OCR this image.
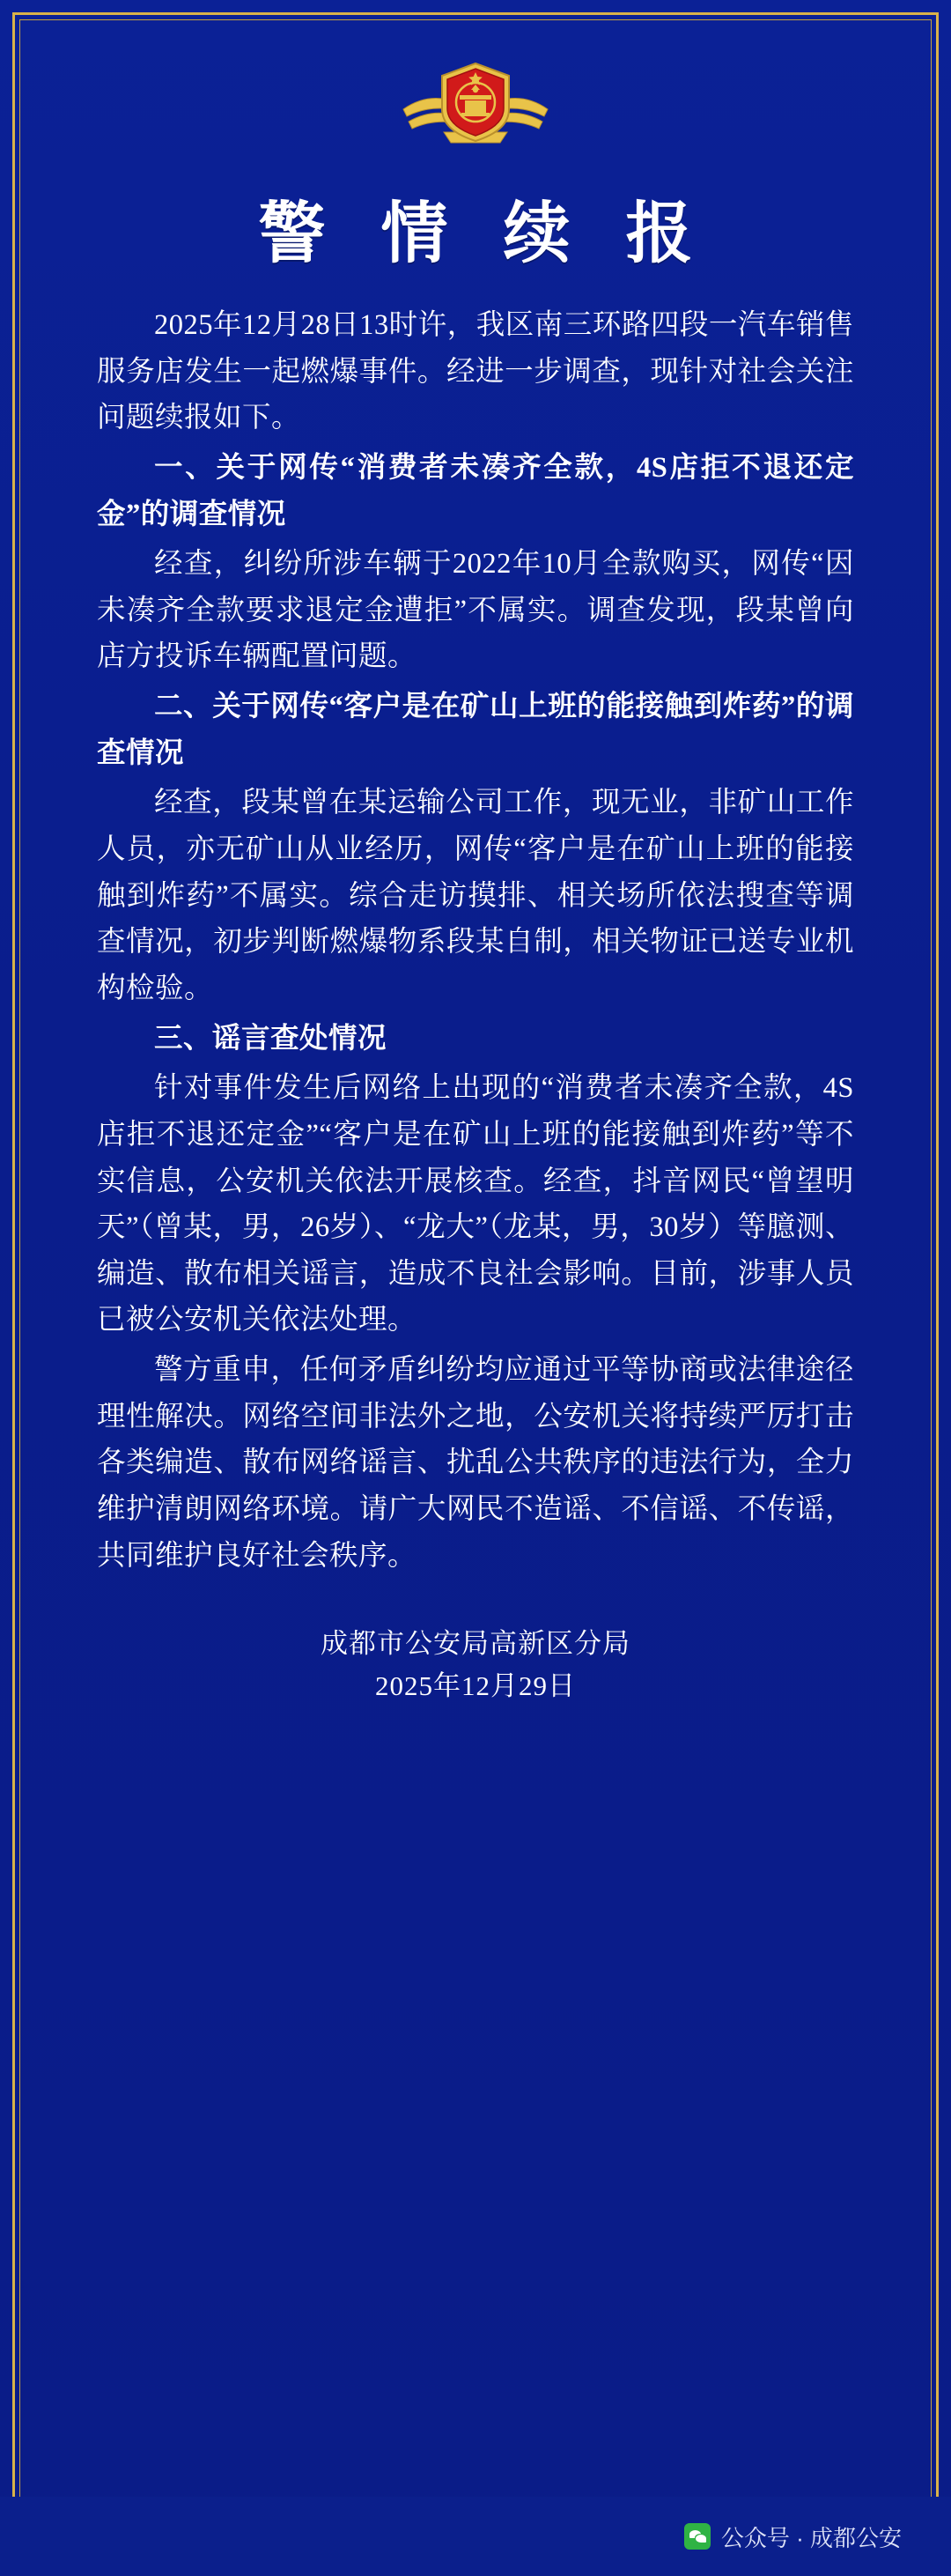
警 情 续 报

2025年12月28日13时许，我区南三环路四段一汽车销售服务店发生一起燃爆事件。经进一步调查，现针对社会关注问题续报如下。

一、关于网传“消费者未凑齐全款，4S店拒不退还定金”的调查情况

经查，纠纷所涉车辆于2022年10月全款购买，网传“因未凑齐全款要求退定金遭拒”不属实。调查发现，段某曾向店方投诉车辆配置问题。

二、关于网传“客户是在矿山上班的能接触到炸药”的调查情况

经查，段某曾在某运输公司工作，现无业，非矿山工作人员，亦无矿山从业经历，网传“客户是在矿山上班的能接触到炸药”不属实。综合走访摸排、相关场所依法搜查等调查情况，初步判断燃爆物系段某自制，相关物证已送专业机构检验。

三、谣言查处情况

针对事件发生后网络上出现的“消费者未凑齐全款，4S店拒不退还定金”“客户是在矿山上班的能接触到炸药”等不实信息，公安机关依法开展核查。经查，抖音网民“曾望明天”（曾某，男，26岁）、“龙大”（龙某，男，30岁）等臆测、编造、散布相关谣言，造成不良社会影响。目前，涉事人员已被公安机关依法处理。

警方重申，任何矛盾纠纷均应通过平等协商或法律途径理性解决。网络空间非法外之地，公安机关将持续严厉打击各类编造、散布网络谣言、扰乱公共秩序的违法行为，全力维护清朗网络环境。请广大网民不造谣、不信谣、不传谣，共同维护良好社会秩序。

成都市公安局高新区分局
2025年12月29日
公众号 · 成都公安
